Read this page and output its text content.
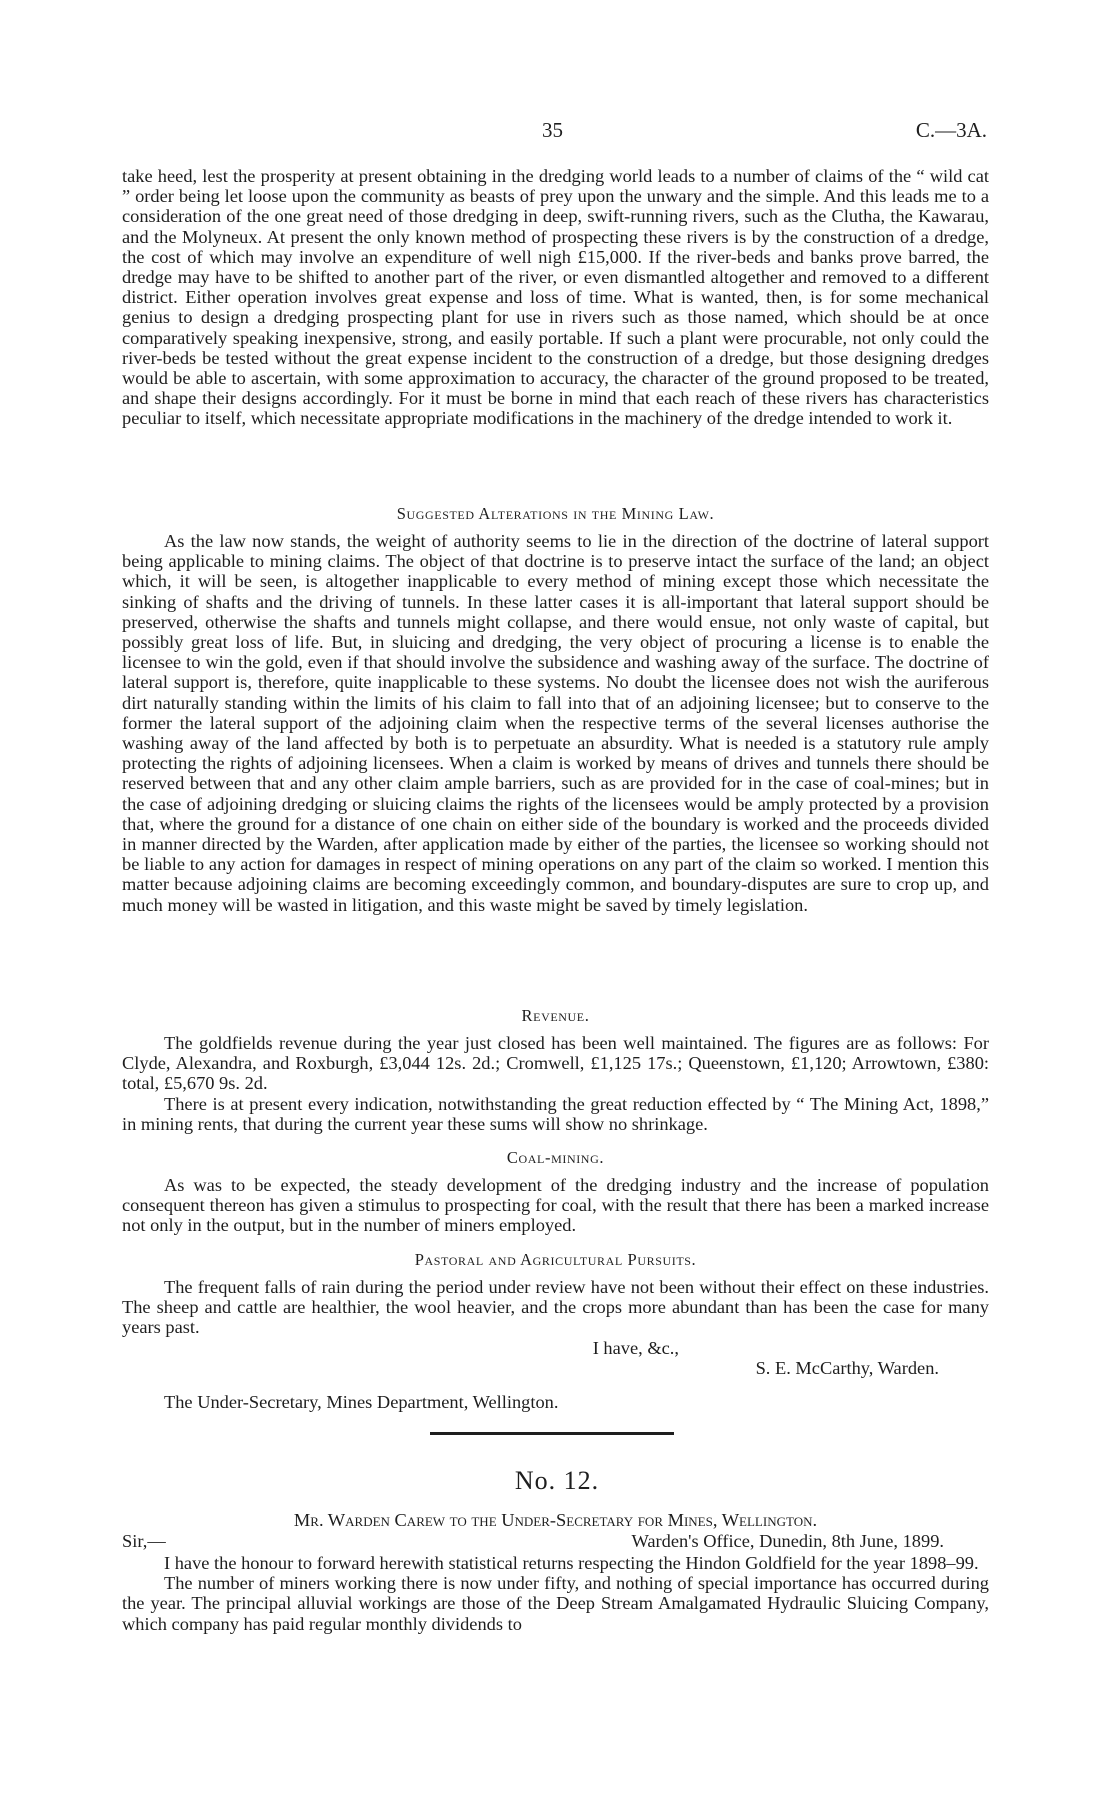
35	C.—3A.

take heed, lest the prosperity at present obtaining in the dredging world leads to a number of claims of the “ wild cat ” order being let loose upon the community as beasts of prey upon the unwary and the simple. And this leads me to a consideration of the one great need of those dredging in deep, swift-running rivers, such as the Clutha, the Kawarau, and the Molyneux. At present the only known method of prospecting these rivers is by the construction of a dredge, the cost of which may involve an expenditure of well nigh £15,000. If the river-beds and banks prove barred, the dredge may have to be shifted to another part of the river, or even dismantled altogether and removed to a different district. Either operation involves great expense and loss of time. What is wanted, then, is for some mechanical genius to design a dredging prospecting plant for use in rivers such as those named, which should be at once comparatively speaking inexpensive, strong, and easily portable. If such a plant were procurable, not only could the river-beds be tested without the great expense incident to the construction of a dredge, but those designing dredges would be able to ascertain, with some approximation to accuracy, the character of the ground proposed to be treated, and shape their designs accordingly. For it must be borne in mind that each reach of these rivers has characteristics peculiar to itself, which necessitate appropriate modifications in the machinery of the dredge intended to work it.

Suggested Alterations in the Mining Law.

As the law now stands, the weight of authority seems to lie in the direction of the doctrine of lateral support being applicable to mining claims. The object of that doctrine is to preserve intact the surface of the land; an object which, it will be seen, is altogether inapplicable to every method of mining except those which necessitate the sinking of shafts and the driving of tunnels. In these latter cases it is all-important that lateral support should be preserved, otherwise the shafts and tunnels might collapse, and there would ensue, not only waste of capital, but possibly great loss of life. But, in sluicing and dredging, the very object of procuring a license is to enable the licensee to win the gold, even if that should involve the subsidence and washing away of the surface. The doctrine of lateral support is, therefore, quite inapplicable to these systems. No doubt the licensee does not wish the auriferous dirt naturally standing within the limits of his claim to fall into that of an adjoining licensee; but to conserve to the former the lateral support of the adjoining claim when the respective terms of the several licenses authorise the washing away of the land affected by both is to perpetuate an absurdity. What is needed is a statutory rule amply protecting the rights of adjoining licensees. When a claim is worked by means of drives and tunnels there should be reserved between that and any other claim ample barriers, such as are provided for in the case of coal-mines; but in the case of adjoining dredging or sluicing claims the rights of the licensees would be amply protected by a provision that, where the ground for a distance of one chain on either side of the boundary is worked and the proceeds divided in manner directed by the Warden, after application made by either of the parties, the licensee so working should not be liable to any action for damages in respect of mining operations on any part of the claim so worked. I mention this matter because adjoining claims are becoming exceedingly common, and boundary-disputes are sure to crop up, and much money will be wasted in litigation, and this waste might be saved by timely legislation.

Revenue.

The goldfields revenue during the year just closed has been well maintained. The figures are as follows: For Clyde, Alexandra, and Roxburgh, £3,044 12s. 2d.; Cromwell, £1,125 17s.; Queenstown, £1,120; Arrowtown, £380: total, £5,670 9s. 2d.

There is at present every indication, notwithstanding the great reduction effected by “ The Mining Act, 1898,” in mining rents, that during the current year these sums will show no shrinkage.

Coal-mining.

As was to be expected, the steady development of the dredging industry and the increase of population consequent thereon has given a stimulus to prospecting for coal, with the result that there has been a marked increase not only in the output, but in the number of miners employed.

Pastoral and Agricultural Pursuits.

The frequent falls of rain during the period under review have not been without their effect on these industries. The sheep and cattle are healthier, the wool heavier, and the crops more abundant than has been the case for many years past.

I have, &c.,
S. E. McCarthy, Warden.
The Under-Secretary, Mines Department, Wellington.
No. 12.
Mr. Warden Carew to the Under-Secretary for Mines, Wellington.
Sir,—	Warden's Office, Dunedin, 8th June, 1899.

I have the honour to forward herewith statistical returns respecting the Hindon Goldfield for the year 1898–99.

The number of miners working there is now under fifty, and nothing of special importance has occurred during the year. The principal alluvial workings are those of the Deep Stream Amalgamated Hydraulic Sluicing Company, which company has paid regular monthly dividends to
